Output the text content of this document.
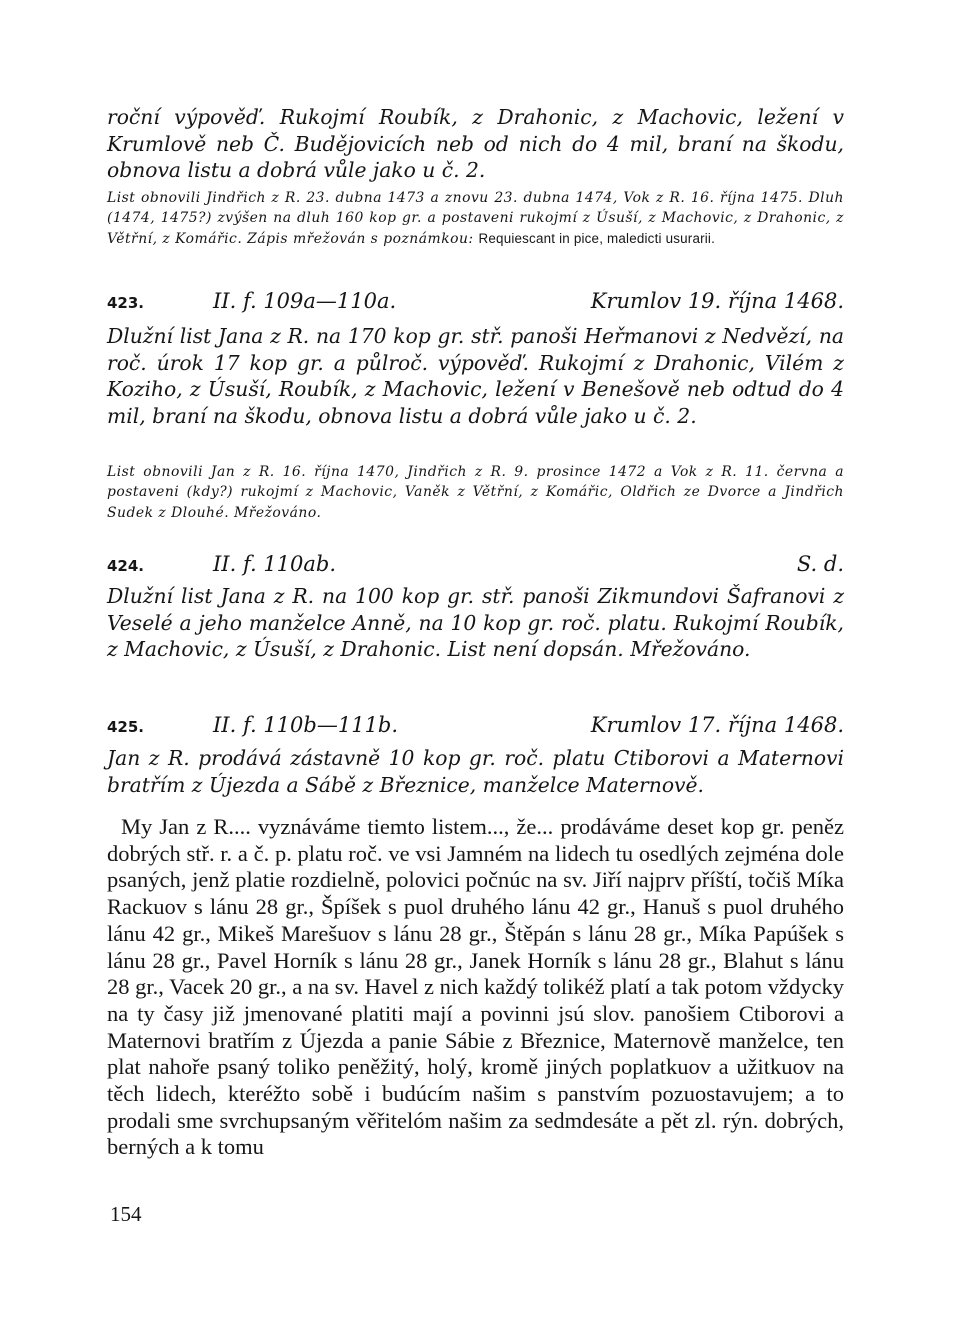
roční výpověď. Rukojmí Roubík, z Drahonic, z Machovic, ležení v Krumlově neb Č. Budějovicích neb od nich do 4 mil, braní na škodu, obnova listu a dobrá vůle jako u č. 2.

List obnovili Jindřich z R. 23. dubna 1473 a znovu 23. dubna 1474, Vok z R. 16. října 1475. Dluh (1474, 1475?) zvýšen na dluh 160 kop gr. a postaveni rukojmí z Úsuší, z Machovic, z Drahonic, z Větřní, z Komářic. Zápis mřežován s poznámkou: Requiescant in pice, maledicti usurarii.

423.	II. f. 109a—110a.	Krumlov 19. října 1468.

Dlužní list Jana z R. na 170 kop gr. stř. panoši Heřmanovi z Nedvězí, na roč. úrok 17 kop gr. a půlroč. výpověď. Rukojmí z Drahonic, Vilém z Koziho, z Úsuší, Roubík, z Machovic, ležení v Benešově neb odtud do 4 mil, braní na škodu, obnova listu a dobrá vůle jako u č. 2.

List obnovili Jan z R. 16. října 1470, Jindřich z R. 9. prosince 1472 a Vok z R. 11. června a postaveni (kdy?) rukojmí z Machovic, Vaněk z Větřní, z Komářic, Oldřich ze Dvorce a Jindřich Sudek z Dlouhé. Mřežováno.

424.	II. f. 110ab.	S. d.

Dlužní list Jana z R. na 100 kop gr. stř. panoši Zikmundovi Šafranovi z Veselé a jeho manželce Anně, na 10 kop gr. roč. platu. Rukojmí Roubík, z Machovic, z Úsuší, z Drahonic. List není dopsán. Mřežováno.

425.	II. f. 110b—111b.	Krumlov 17. října 1468.

Jan z R. prodává zástavně 10 kop gr. roč. platu Ctiborovi a Maternovi bratřím z Újezda a Sábě z Březnice, manželce Maternově.

My Jan z R.... vyznáváme tiemto listem..., že... prodáváme deset kop gr. peněz dobrých stř. r. a č. p. platu roč. ve vsi Jamném na lidech tu osedlých zejména dole psaných, jenž platie rozdielně, polovici počnúc na sv. Jiří najprv příští, točiš Míka Rackuov s lánu 28 gr., Špíšek s puol druhého lánu 42 gr., Hanuš s puol druhého lánu 42 gr., Mikeš Marešuov s lánu 28 gr., Štěpán s lánu 28 gr., Míka Papúšek s lánu 28 gr., Pavel Horník s lánu 28 gr., Janek Horník s lánu 28 gr., Blahut s lánu 28 gr., Vacek 20 gr., a na sv. Havel z nich každý tolikéž platí a tak potom vždycky na ty časy již jmenované platiti mají a povinni jsú slov. panošiem Ctiborovi a Maternovi bratřím z Újezda a panie Sábie z Březnice, Maternově manželce, ten plat nahoře psaný toliko peněžitý, holý, kromě jiných poplatkuov a užitkuov na těch lidech, kteréžto sobě i budúcím našim s panstvím pozuostavujem; a to prodali sme svrchupsaným věřitelóm našim za sedmdesáte a pět zl. rýn. dobrých, berných a k tomu

154
